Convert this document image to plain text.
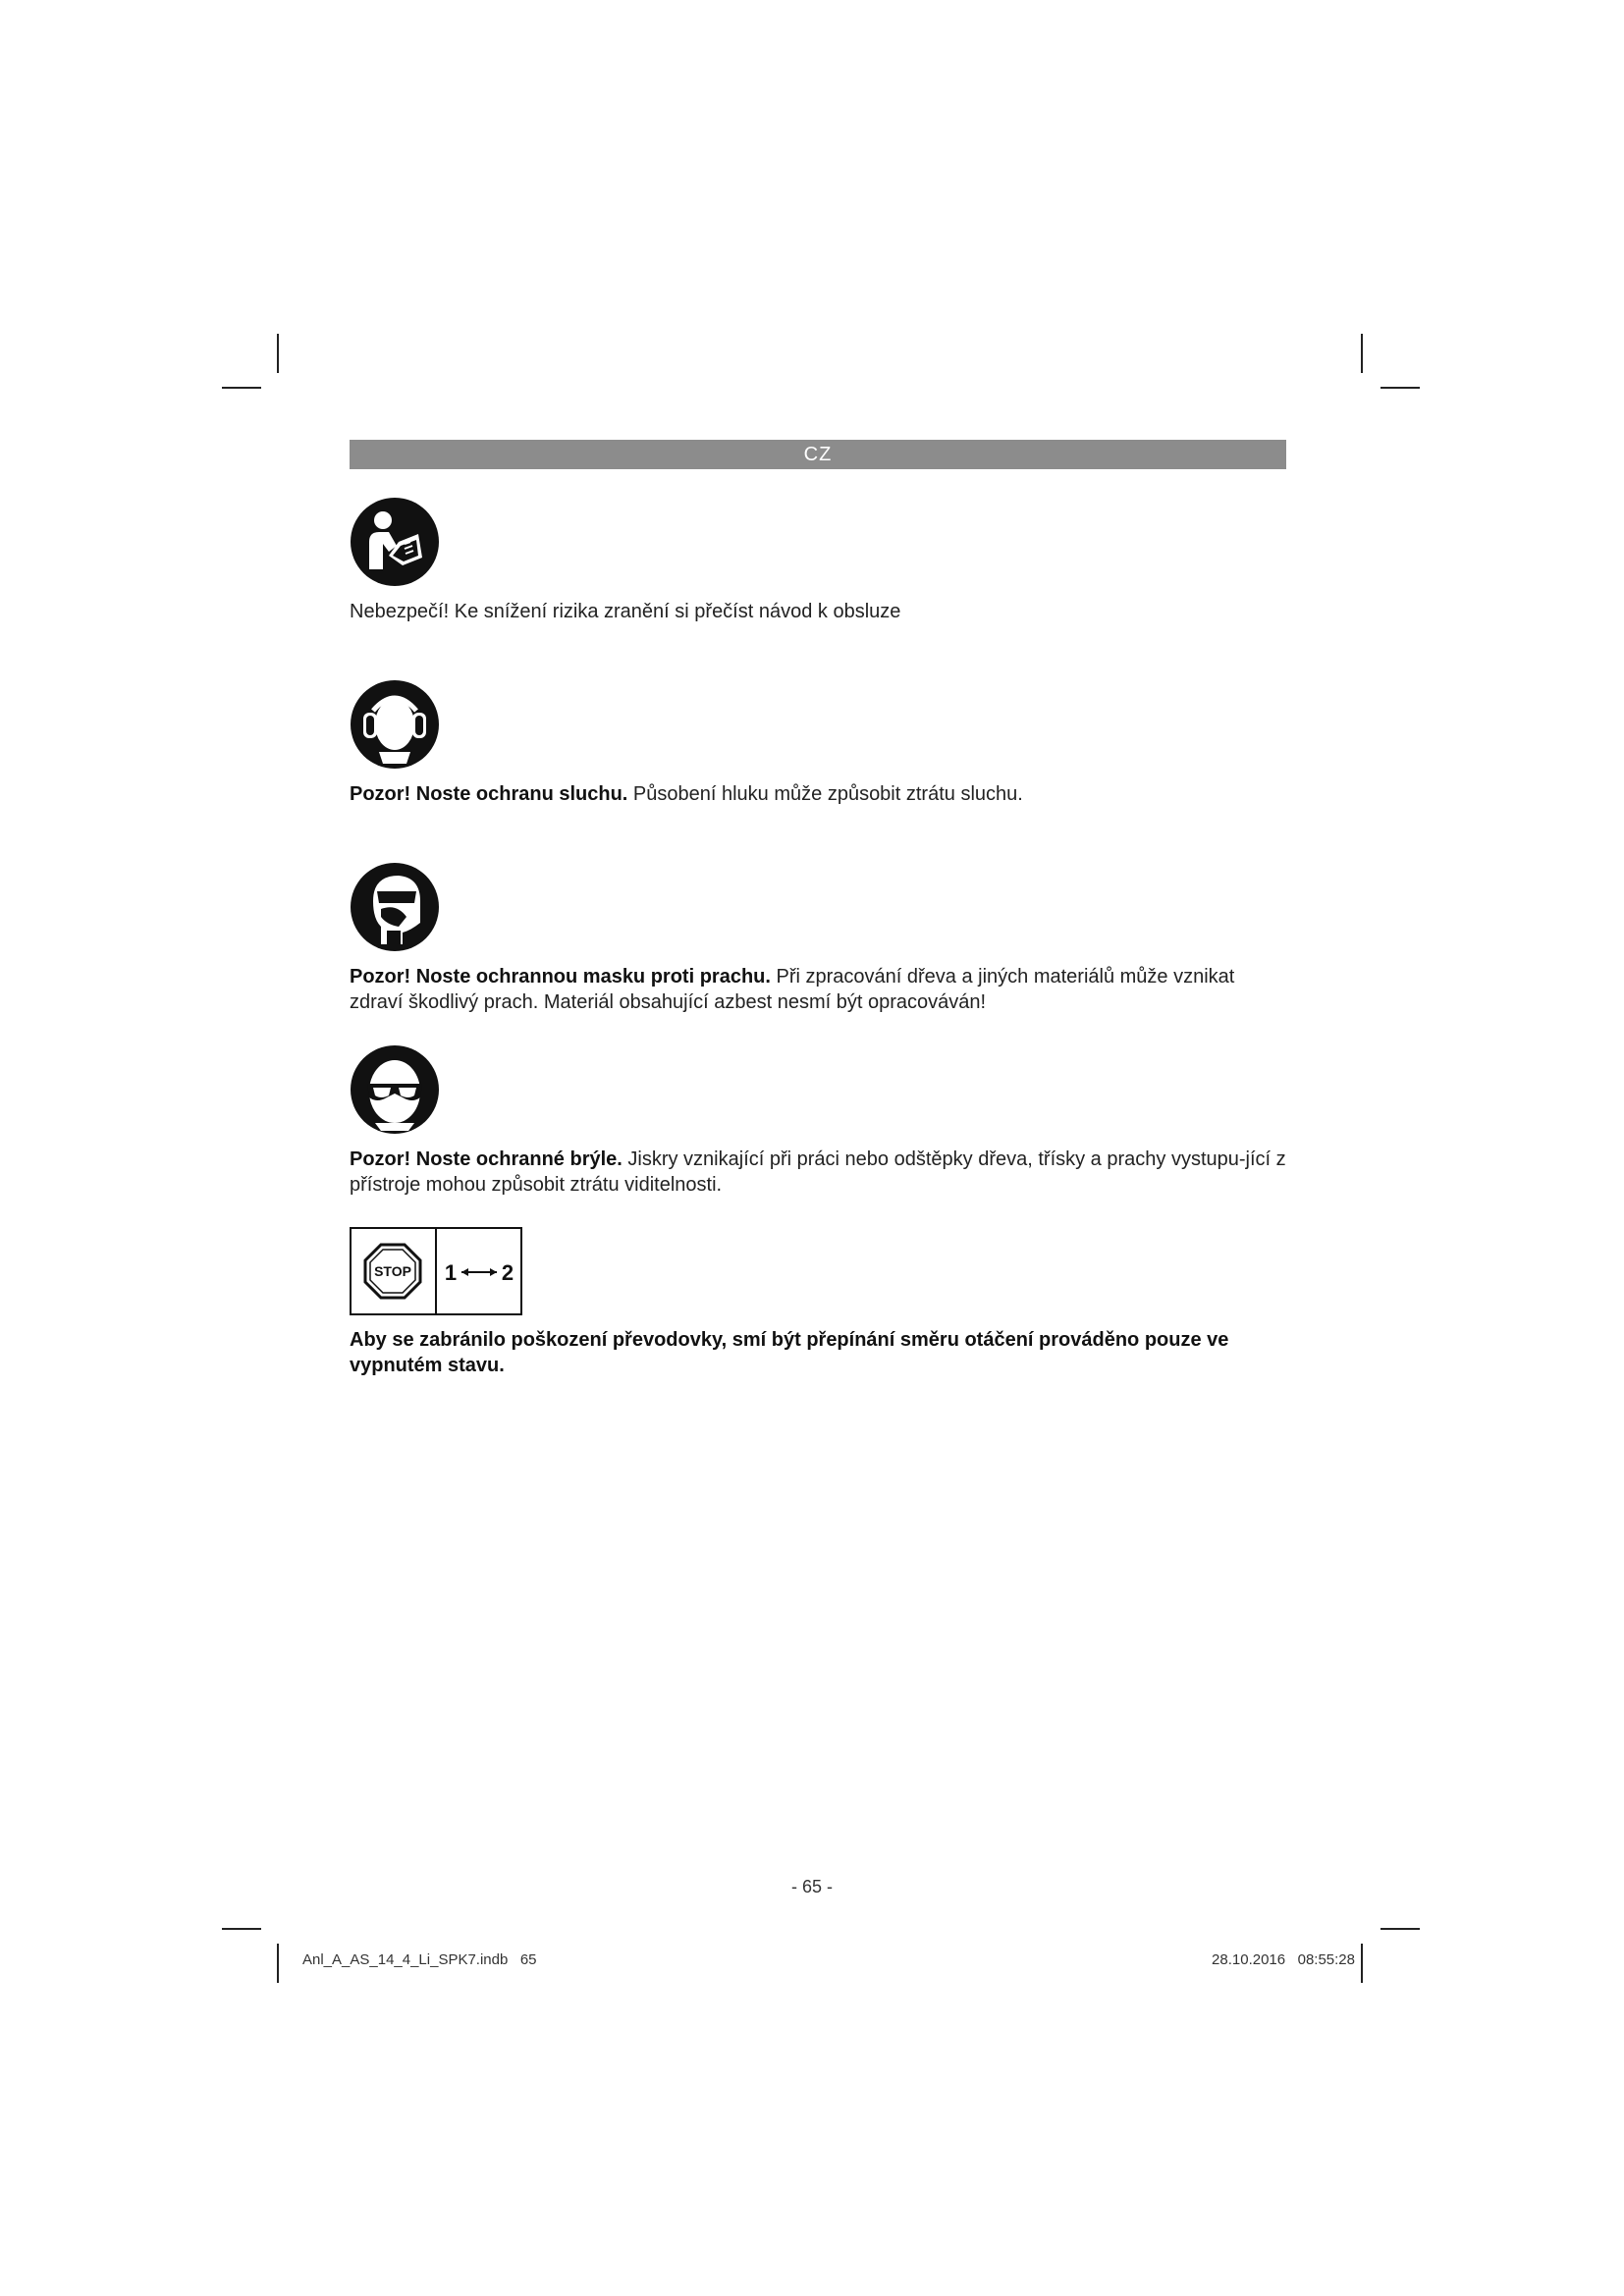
CZ

Nebezpečí! Ke snížení rizika zranění si přečíst návod k obsluze

Pozor! Noste ochranu sluchu. Působení hluku může způsobit ztrátu sluchu.

Pozor! Noste ochrannou masku proti prachu. Při zpracování dřeva a jiných materiálů může vznikat zdraví škodlivý prach. Materiál obsahující azbest nesmí být opracováván!

Pozor! Noste ochranné brýle. Jiskry vznikající při práci nebo odštěpky dřeva, třísky a prachy vystupu-jící z přístroje mohou způsobit ztrátu viditelnosti.

STOP 1 2

Aby se zabránilo poškození převodovky, smí být přepínání směru otáčení prováděno pouze ve vypnutém stavu.

- 65 -
Anl_A_AS_14_4_Li_SPK7.indb   65	28.10.2016   08:55:28
